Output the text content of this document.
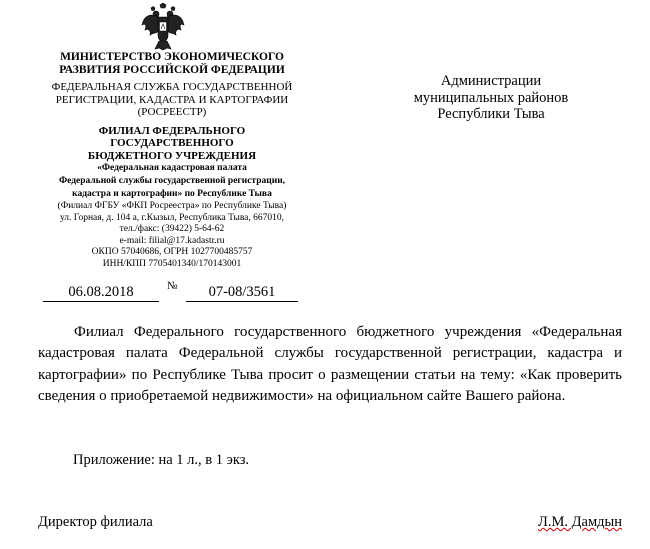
МИНИСТЕРСТВО ЭКОНОМИЧЕСКОГО
РАЗВИТИЯ РОССИЙСКОЙ ФЕДЕРАЦИИ
ФЕДЕРАЛЬНАЯ СЛУЖБА ГОСУДАРСТВЕННОЙ
РЕГИСТРАЦИИ, КАДАСТРА И КАРТОГРАФИИ
(РОСРЕЕСТР)
ФИЛИАЛ ФЕДЕРАЛЬНОГО ГОСУДАРСТВЕННОГО
БЮДЖЕТНОГО УЧРЕЖДЕНИЯ
«Федеральная кадастровая палата
Федеральной службы государственной регистрации,
кадастра и картографии» по Республике Тыва
(Филиал ФГБУ «ФКП Росреестра» по Республике Тыва)
ул. Горная, д. 104 а, г.Кызыл, Республика Тыва, 667010,
тел./факс: (39422) 5-64-62
e-mail: filial@17.kadastr.ru
ОКПО 57040686, ОГРН 1027700485757
ИНН/КПП 7705401340/170143001
06.08.2018	№	07-08/3561
Администрации
муниципальных районов
Республики Тыва

Филиал Федерального государственного бюджетного учреждения «Федеральная кадастровая палата Федеральной службы государственной регистрации, кадастра и картографии» по Республике Тыва просит о размещении статьи на тему: «Как проверить сведения о приобретаемой недвижимости» на официальном сайте Вашего района.

Приложение: на 1 л., в 1 экз.
Директор филиала	Л.М. Дамдын
